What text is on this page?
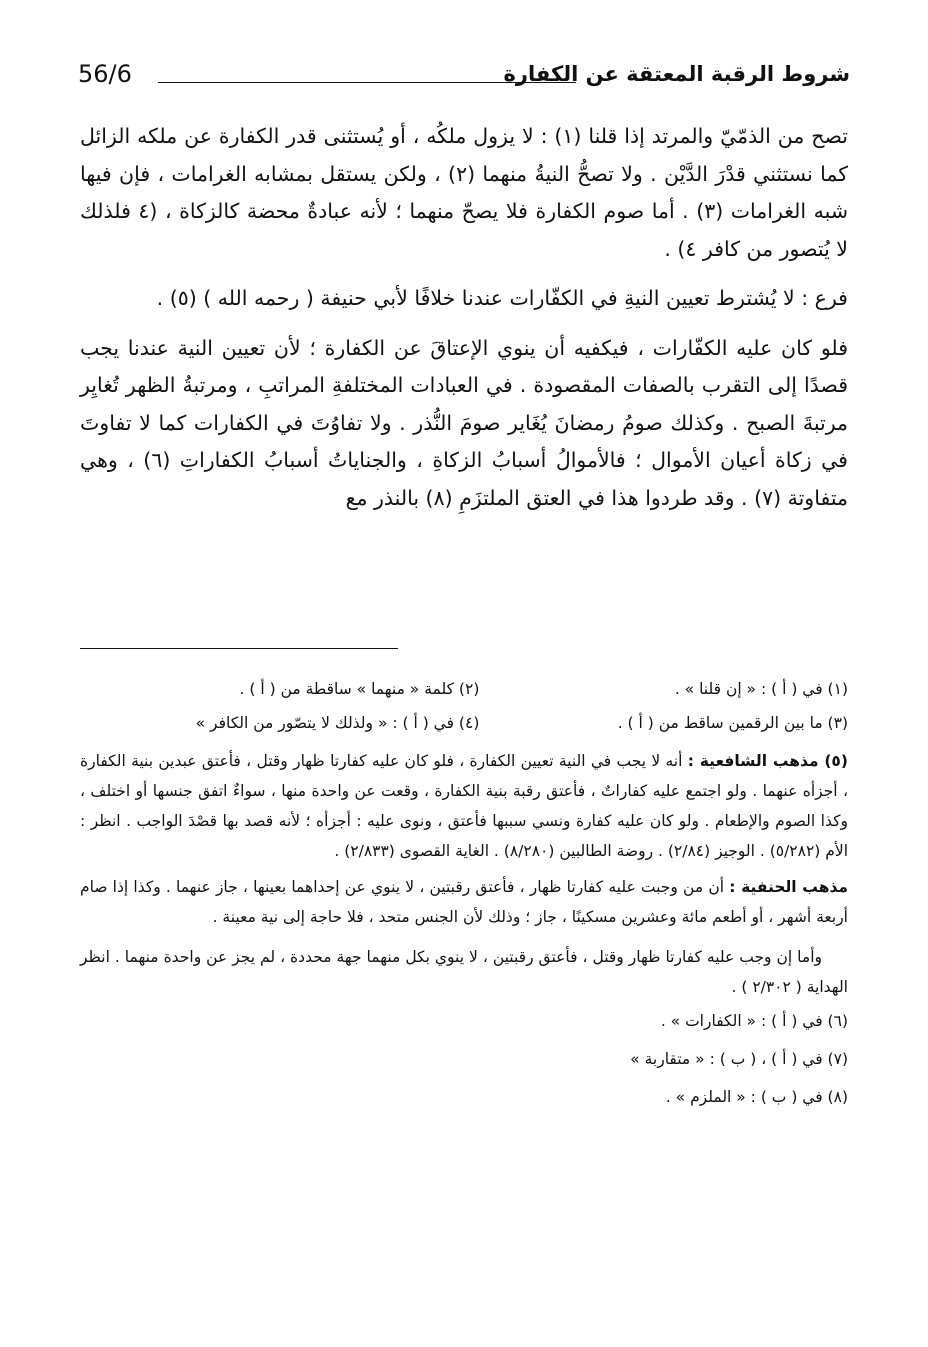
شروط الرقبة المعتقة عن الكفارة
56/6

تصح من الذمّيّ والمرتد إذا قلنا (١) : لا يزول ملكُه ، أو يُستثنى قدر الكفارة عن ملكه الزائل كما نستثني قدْرَ الدَّيْن . ولا تصحُّ النيةُ منهما (٢) ، ولكن يستقل بمشابه الغرامات ، فإن فيها شبه الغرامات (٣) . أما صوم الكفارة فلا يصحّ منهما ؛ لأنه عبادةٌ محضة كالزكاة ، (٤ فلذلك لا يُتصور من كافر ٤) .

فرع : لا يُشترط تعيين النيةِ في الكفّارات عندنا خلافًا لأبي حنيفة ( رحمه الله ) (٥) .

فلو كان عليه الكفّارات ، فيكفيه أن ينوي الإعتاقَ عن الكفارة ؛ لأن تعيين النية عندنا يجب قصدًا إلى التقرب بالصفات المقصودة . في العبادات المختلفةِ المراتبِ ، ومرتبةُ الظهر تُغايِر مرتبةَ الصبح . وكذلك صومُ رمضانَ يُغَاير صومَ النُّذر . ولا تفاوُتَ في الكفارات كما لا تفاوتَ في زكاة أعيان الأموال ؛ فالأموالُ أسبابُ الزكاةِ ، والجناياتُ أسبابُ الكفاراتِ (٦) ، وهي متفاوتة (٧) . وقد طردوا هذا في العتق الملتزَمِ (٨) بالنذر مع

(١) في ( أ ) : « إن قلنا » .
(٢) كلمة « منهما » ساقطة من ( أ ) .
(٣) ما بين الرقمين ساقط من ( أ ) .
(٤) في ( أ ) : « ولذلك لا يتصّور من الكافر »

(٥) مذهب الشافعية : أنه لا يجب في النية تعيين الكفارة ، فلو كان عليه كفارتا ظهار وقتل ، فأعتق عبدين بنية الكفارة ، أجزأه عنهما . ولو اجتمع عليه كفاراتٌ ، فأعتق رقبة بنية الكفارة ، وقعت عن واحدة منها ، سواءٌ اتفق جنسها أو اختلف ، وكذا الصوم والإطعام . ولو كان عليه كفارة ونسي سببها فأعتق ، ونوى عليه : أجزأه ؛ لأنه قصد بها قصْدَ الواجب . انظر : الأم (٥/٢٨٢) . الوجيز (٢/٨٤) . روضة الطالبين (٨/٢٨٠) . الغاية القصوى (٢/٨٣٣) .

مذهب الحنفية : أن من وجبت عليه كفارتا ظهار ، فأعتق رقبتين ، لا ينوي عن إحداهما بعينها ، جاز عنهما . وكذا إذا صام أربعة أشهر ، أو أطعم مائة وعشرين مسكينًا ، جاز ؛ وذلك لأن الجنس متحد ، فلا حاجة إلى نية معينة .

وأما إن وجب عليه كفارتا ظهار وقتل ، فأعتق رقبتين ، لا ينوي بكل منهما جهة محددة ، لم يجز عن واحدة منهما . انظر الهداية ( ٢/٣٠٢ ) .

(٦) في ( أ ) : « الكفارات » .
(٧) في ( أ ) ، ( ب ) : « متقاربة »
(٨) في ( ب ) : « الملزم » .
